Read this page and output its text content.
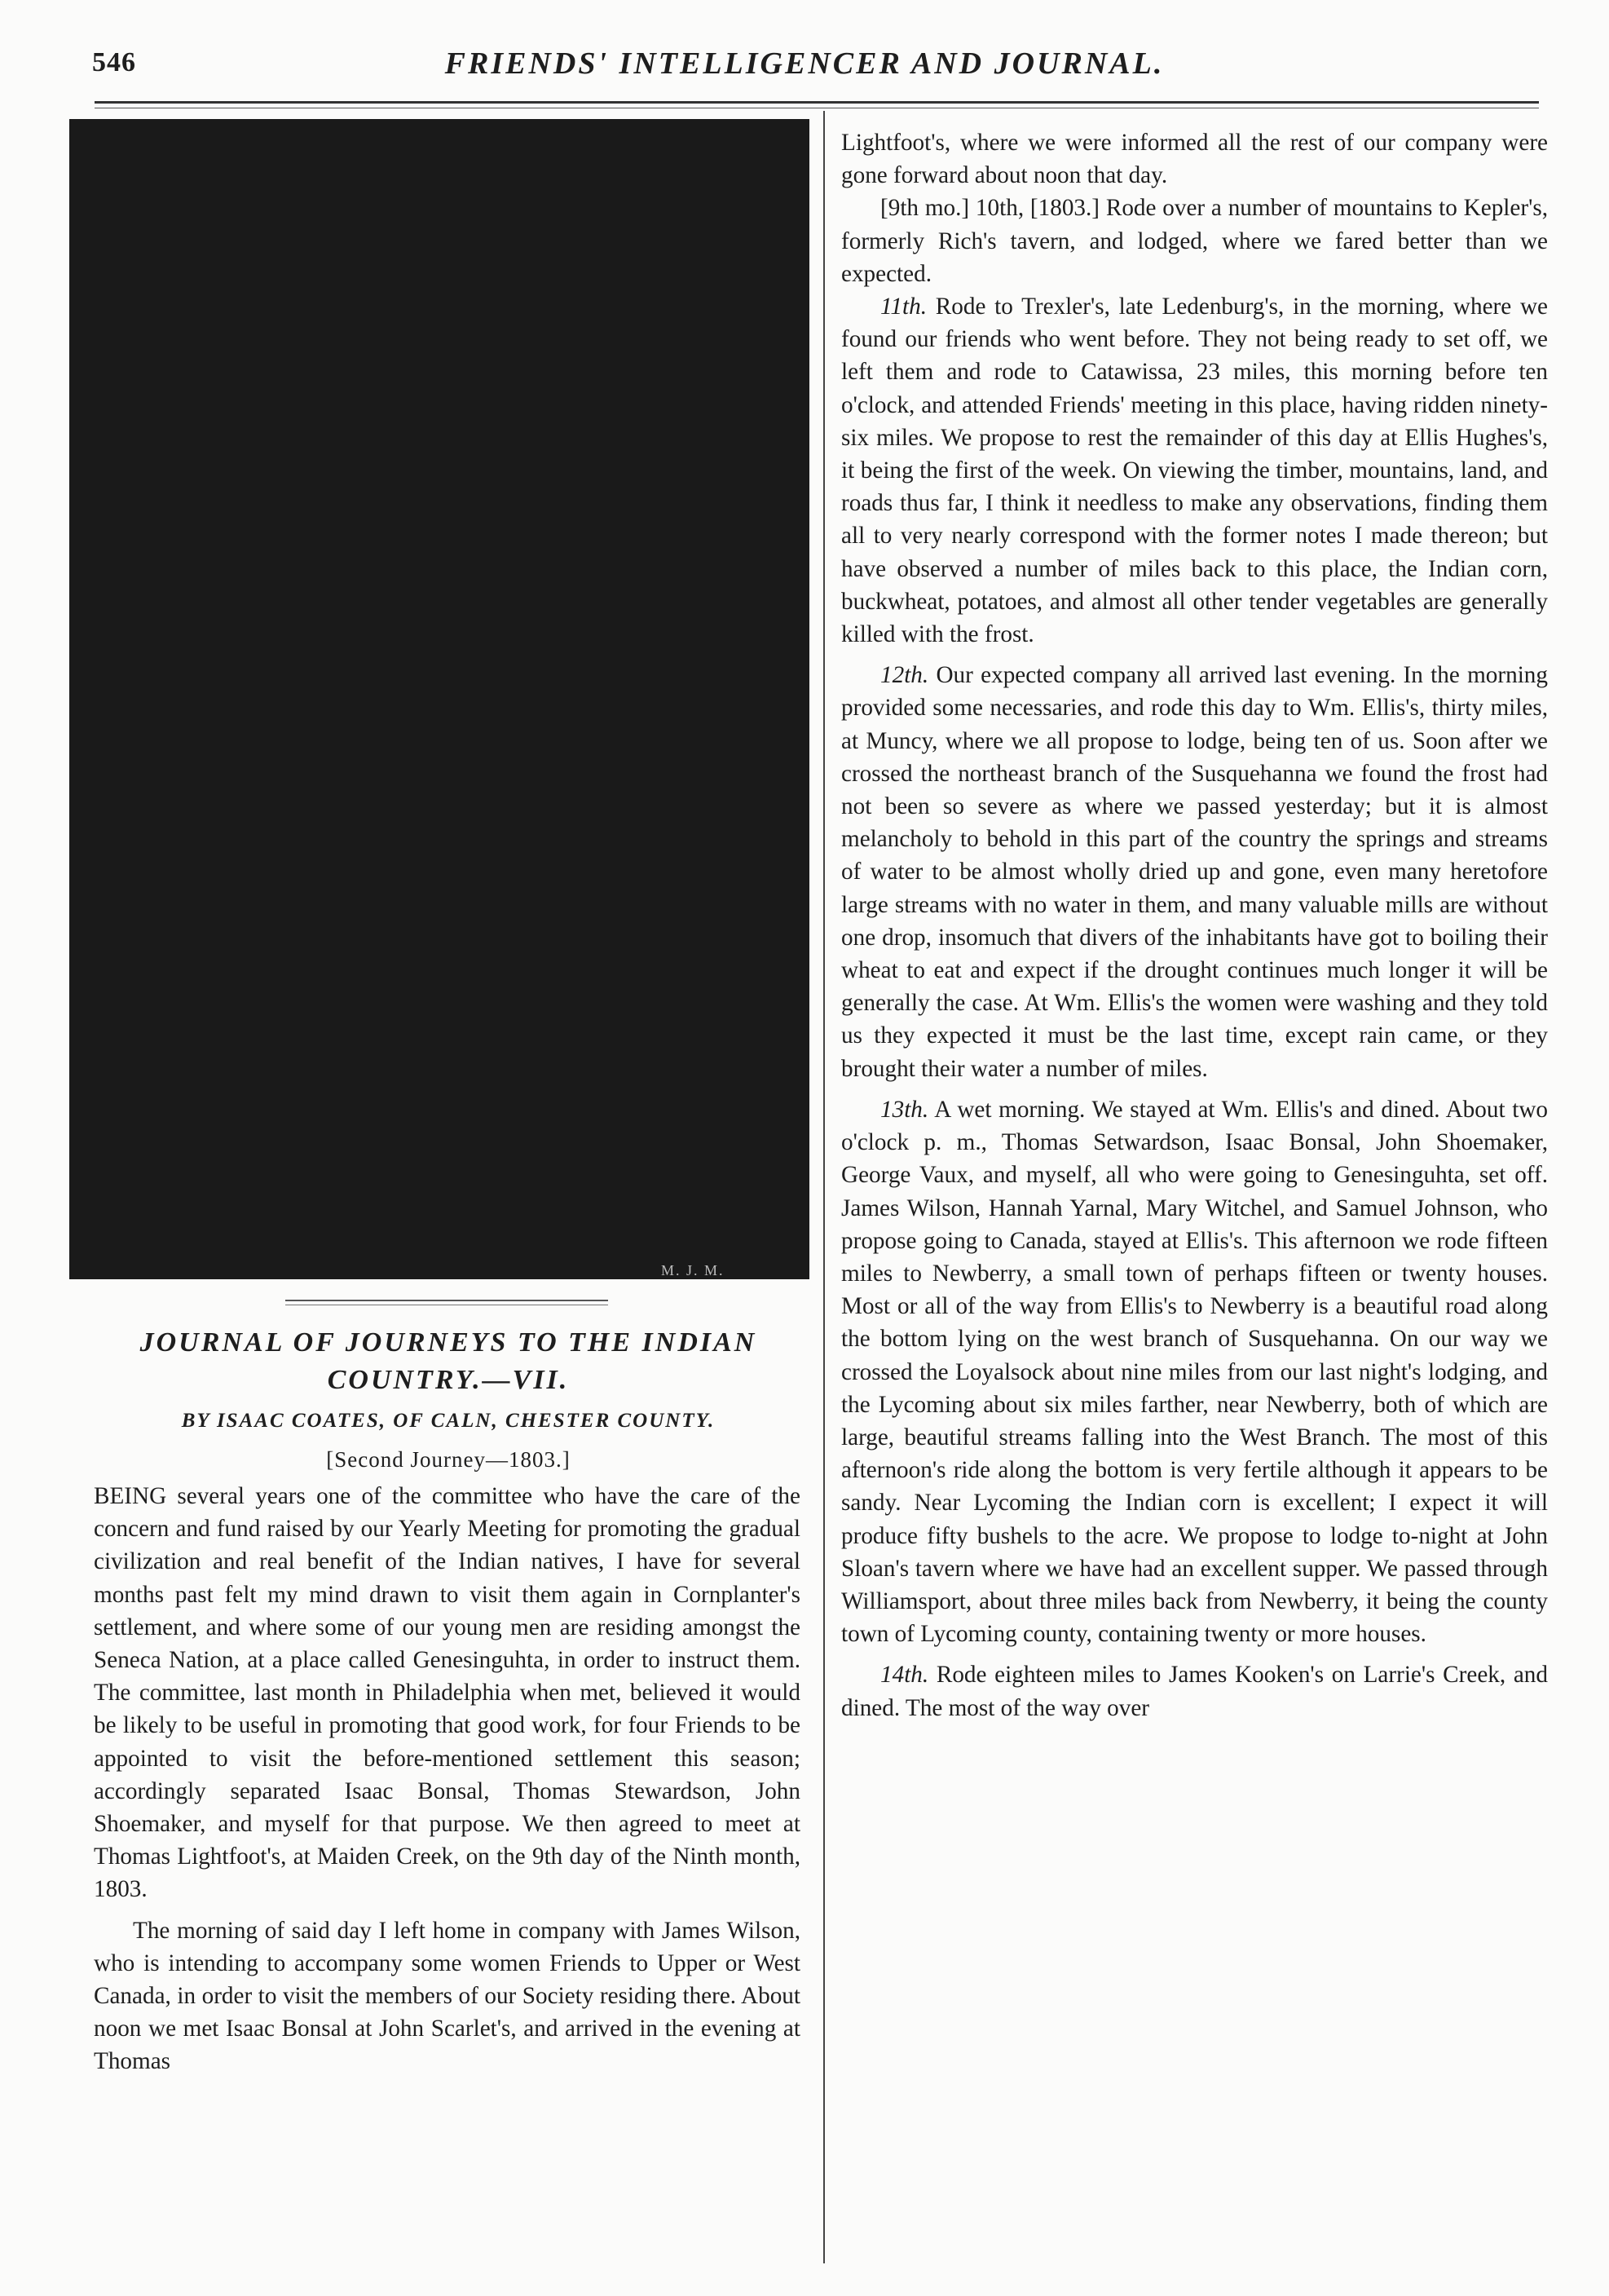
546	FRIENDS' INTELLIGENCER AND JOURNAL.
M. J. M.
JOURNAL OF JOURNEYS TO THE INDIAN COUNTRY.—VII.
BY ISAAC COATES, OF CALN, CHESTER COUNTY.
[Second Journey—1803.]

BEING several years one of the committee who have the care of the concern and fund raised by our Yearly Meeting for promoting the gradual civilization and real benefit of the Indian natives, I have for several months past felt my mind drawn to visit them again in Cornplanter's settlement, and where some of our young men are residing amongst the Seneca Nation, at a place called Genesinguhta, in order to instruct them. The committee, last month in Philadelphia when met, believed it would be likely to be useful in promoting that good work, for four Friends to be appointed to visit the before-mentioned settlement this season; accordingly separated Isaac Bonsal, Thomas Stewardson, John Shoemaker, and myself for that purpose. We then agreed to meet at Thomas Lightfoot's, at Maiden Creek, on the 9th day of the Ninth month, 1803.

The morning of said day I left home in company with James Wilson, who is intending to accompany some women Friends to Upper or West Canada, in order to visit the members of our Society residing there. About noon we met Isaac Bonsal at John Scarlet's, and arrived in the evening at Thomas

Lightfoot's, where we were informed all the rest of our company were gone forward about noon that day.

[9th mo.] 10th, [1803.] Rode over a number of mountains to Kepler's, formerly Rich's tavern, and lodged, where we fared better than we expected.

11th. Rode to Trexler's, late Ledenburg's, in the morning, where we found our friends who went before. They not being ready to set off, we left them and rode to Catawissa, 23 miles, this morning before ten o'clock, and attended Friends' meeting in this place, having ridden ninety-six miles. We propose to rest the remainder of this day at Ellis Hughes's, it being the first of the week. On viewing the timber, mountains, land, and roads thus far, I think it needless to make any observations, finding them all to very nearly correspond with the former notes I made thereon; but have observed a number of miles back to this place, the Indian corn, buckwheat, potatoes, and almost all other tender vegetables are generally killed with the frost.

12th. Our expected company all arrived last evening. In the morning provided some necessaries, and rode this day to Wm. Ellis's, thirty miles, at Muncy, where we all propose to lodge, being ten of us. Soon after we crossed the northeast branch of the Susquehanna we found the frost had not been so severe as where we passed yesterday; but it is almost melancholy to behold in this part of the country the springs and streams of water to be almost wholly dried up and gone, even many heretofore large streams with no water in them, and many valuable mills are without one drop, insomuch that divers of the inhabitants have got to boiling their wheat to eat and expect if the drought continues much longer it will be generally the case. At Wm. Ellis's the women were washing and they told us they expected it must be the last time, except rain came, or they brought their water a number of miles.

13th. A wet morning. We stayed at Wm. Ellis's and dined. About two o'clock p. m., Thomas Setwardson, Isaac Bonsal, John Shoemaker, George Vaux, and myself, all who were going to Genesinguhta, set off. James Wilson, Hannah Yarnal, Mary Witchel, and Samuel Johnson, who propose going to Canada, stayed at Ellis's. This afternoon we rode fifteen miles to Newberry, a small town of perhaps fifteen or twenty houses. Most or all of the way from Ellis's to Newberry is a beautiful road along the bottom lying on the west branch of Susquehanna. On our way we crossed the Loyalsock about nine miles from our last night's lodging, and the Lycoming about six miles farther, near Newberry, both of which are large, beautiful streams falling into the West Branch. The most of this afternoon's ride along the bottom is very fertile although it appears to be sandy. Near Lycoming the Indian corn is excellent; I expect it will produce fifty bushels to the acre. We propose to lodge to-night at John Sloan's tavern where we have had an excellent supper. We passed through Williamsport, about three miles back from Newberry, it being the county town of Lycoming county, containing twenty or more houses.

14th. Rode eighteen miles to James Kooken's on Larrie's Creek, and dined. The most of the way over
